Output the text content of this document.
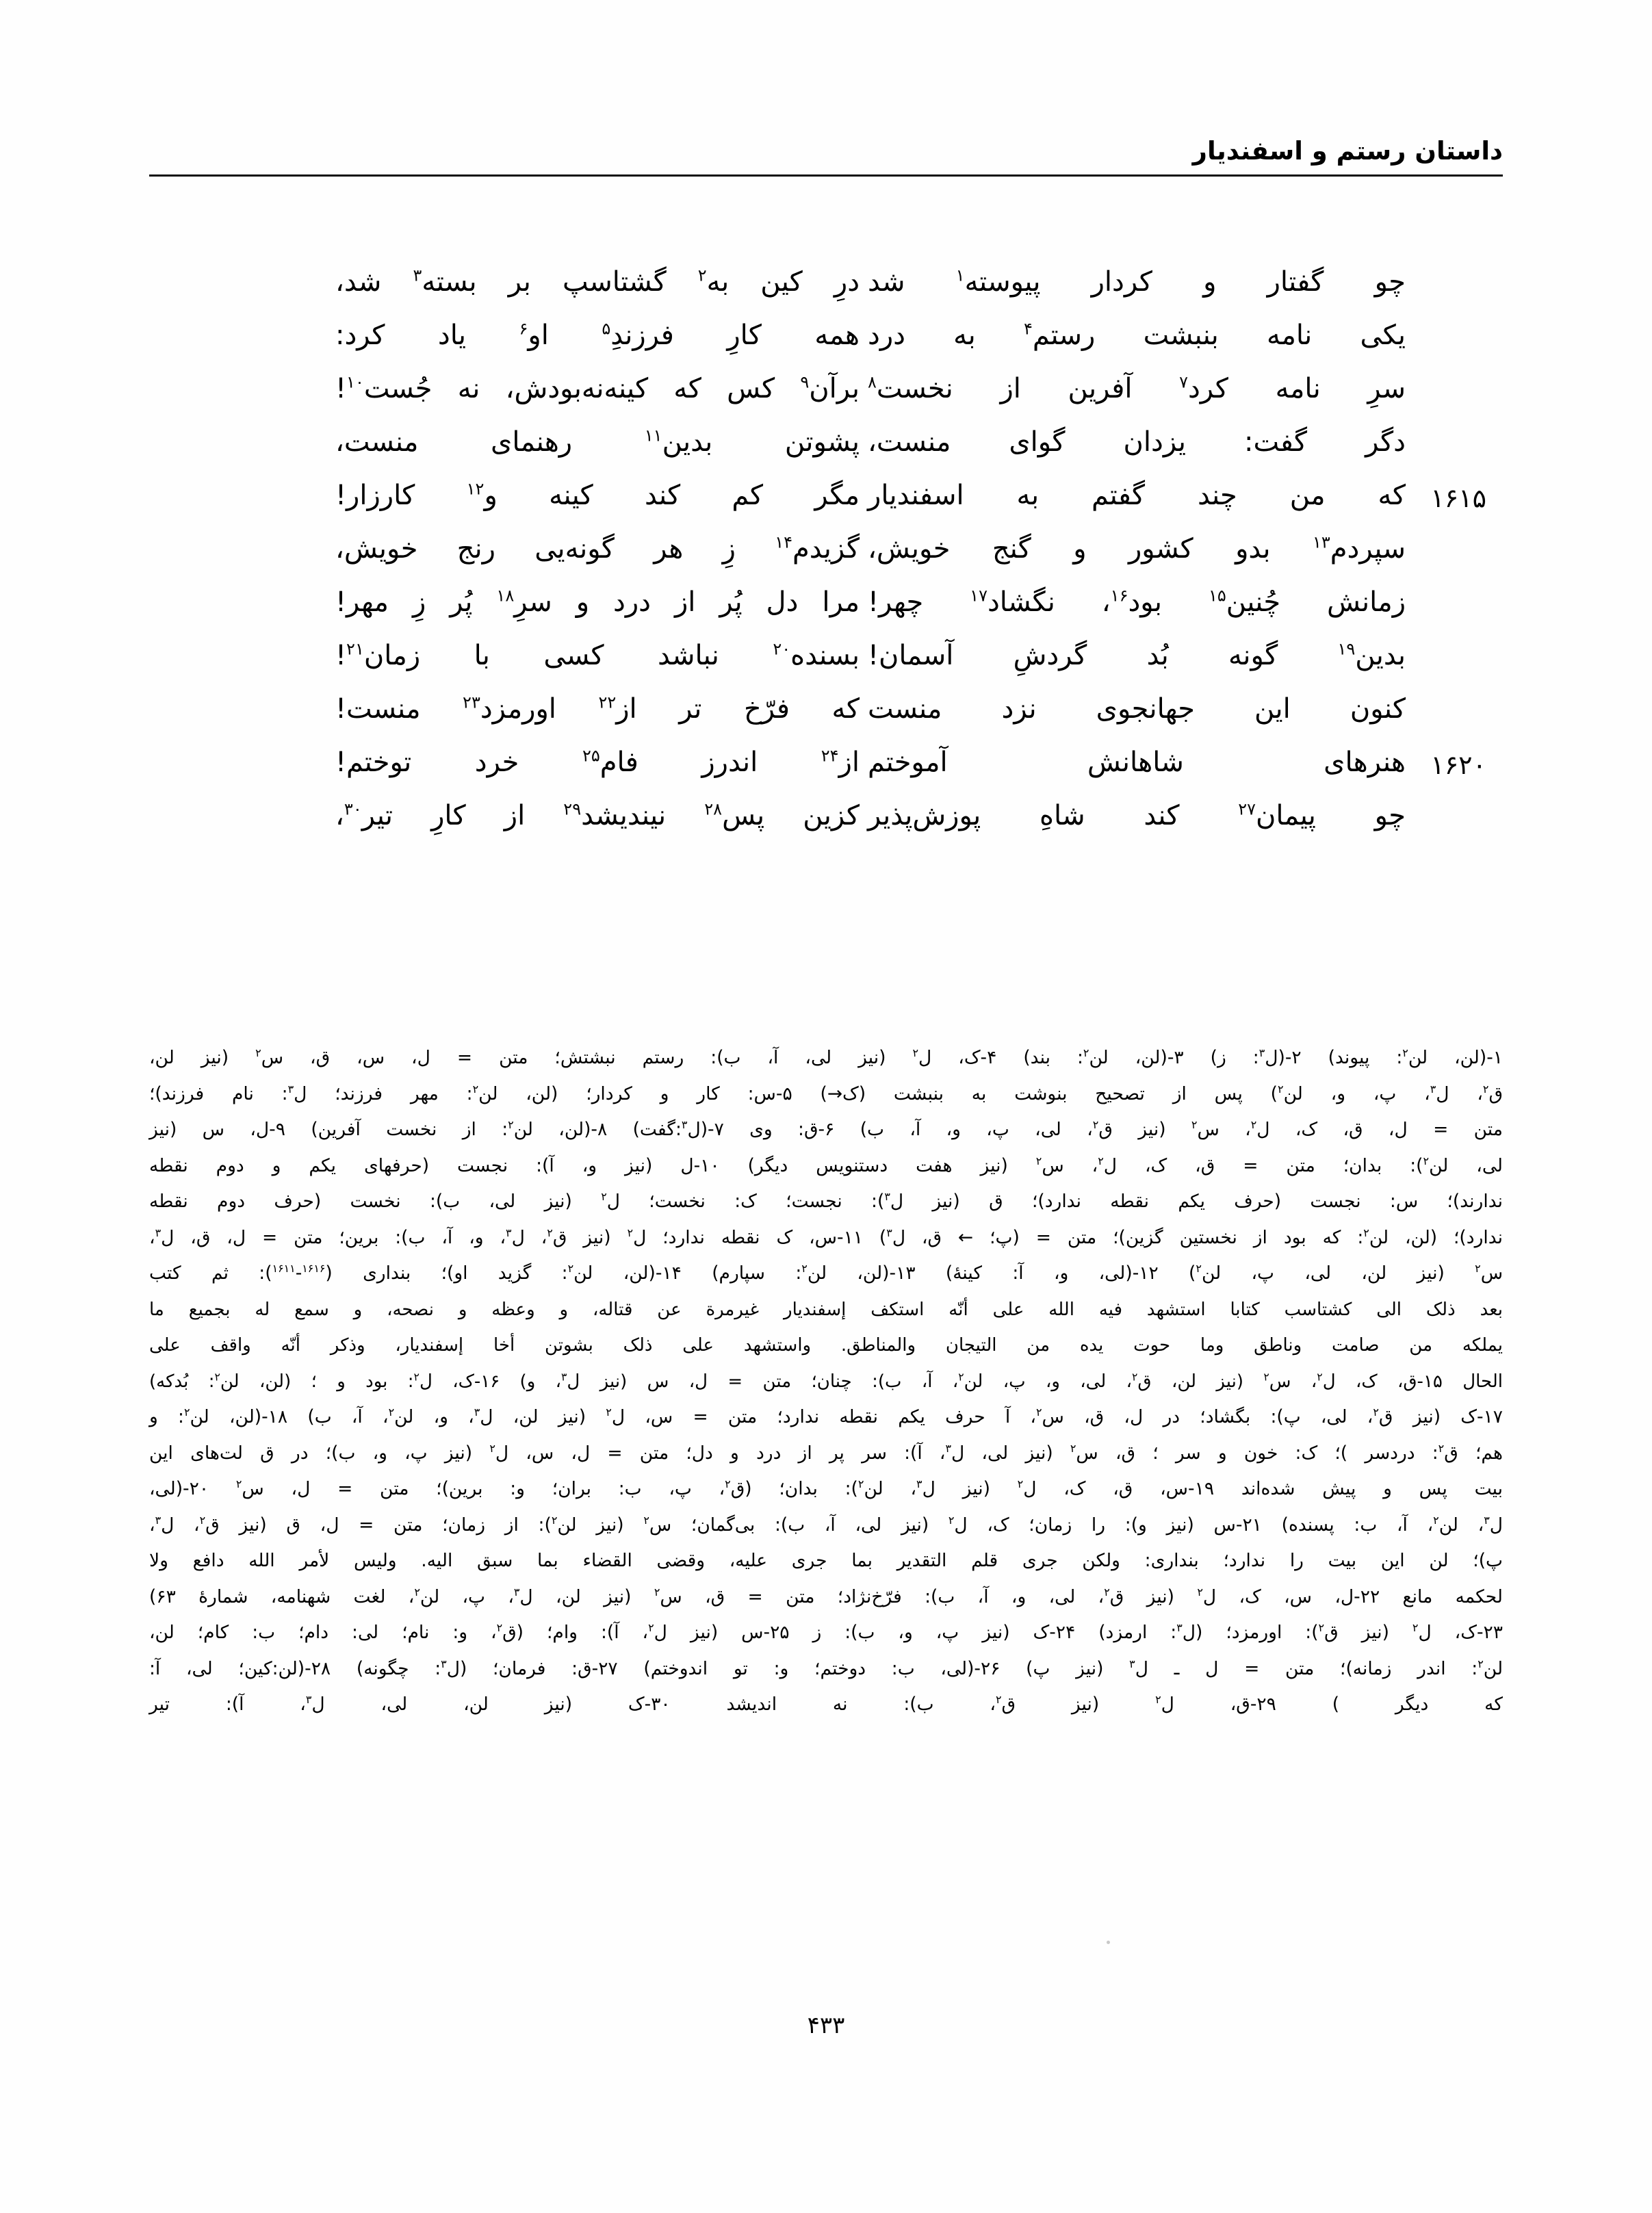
داستان رستم و اسفندیار
چو گفتار و کردار پیوسته$^۱$ شد
درِ کین به$^۲$ گشتاسپ بر بسته$^۳$ شد،
یکی نامه بنبشت رستم$^۴$ به درد
همه کارِ فرزندِ$^۵$ او$^۶$ یاد کرد:
سرِ نامه کرد$^۷$ آفرین از نخست$^۸$
برآن$^۹$ کس که کینه‌نه‌بودش، نه جُست$^{۱۰}$!
دگر گفت: یزدان گوای منست،
پشوتن بدین$^{۱۱}$ رهنمای منست،
۱۶۱۵
که من چند گفتم به اسفندیار
مگر کم کند کینه و$^{۱۲}$ کارزار!
سپردم$^{۱۳}$ بدو کشور و گنج خویش،
گزیدم$^{۱۴}$ زِ هر گونه‌یی رنج خویش،
زمانش چُنین$^{۱۵}$ بود$^{۱۶}$، نگشاد$^{۱۷}$ چهر!
مرا دل پُر از درد و سرِ$^{۱۸}$ پُر زِ مهر!
بدین$^{۱۹}$ گونه بُد گردشِ آسمان!
بسنده$^{۲۰}$ نباشد کسی با زمان$^{۲۱}$!
کنون این جهانجوی نزد منست
که فرّخ تر از$^{۲۲}$ اورمزد$^{۲۳}$ منست!
۱۶۲۰
هنرهای شاهانش آموختم
از$^{۲۴}$ اندرز فام$^{۲۵}$ خرد توختم!
چو پیمان$^{۲۷}$ کند شاهِ پوزش‌پذیر
کزین پس$^{۲۸}$ نیندیشد$^{۲۹}$ از کارِ تیر$^{۳۰}$،
۱-(لن، لن$^۲$: پیوند) ۲-(ل$^۳$: ز) ۳-(لن، لن$^۲$: بند) ۴-ک، ل$^۲$ (نیز لی، آ، ب): رستم نبشتش؛ متن = ل، س، ق، س$^۲$ (نیز لن،
ق$^۲$، ل$^۳$، پ، و، لن$^۲$) پس از تصحیح بنوشت به بنبشت (ک→) ۵-س: کار و کردار؛ (لن، لن$^۲$: مهر فرزند؛ ل$^۳$: نام فرزند)؛
متن = ل، ق، ک، ل$^۲$، س$^۲$ (نیز ق$^۲$، لی، پ، و، آ، ب) ۶-ق: وی ۷-(ل$^۳$:گفت) ۸-(لن، لن$^۲$: از نخست آفرین) ۹-ل، س (نیز
لی، لن$^۲$): بدان؛ متن = ق، ک، ل$^۲$، س$^۲$ (نیز هفت دستنویس دیگر) ۱۰-ل (نیز و، آ): نجست (حرفهای یکم و دوم نقطه
ندارند)؛ س: نجست (حرف یکم نقطه ندارد)؛ ق (نیز ل$^۳$): نجست؛ ک: نخست؛ ل$^۲$ (نیز لی، ب): نخست (حرف دوم نقطه
ندارد)؛ (لن، لن$^۲$: که بود از نخستین گزین)؛ متن = (پ؛ ← ق، ل$^۳$) ۱۱-س، ک نقطه ندارد؛ ل$^۲$ (نیز ق$^۲$، ل$^۳$، و، آ، ب): برین؛ متن = ل، ق، ل$^۳$،
س$^۲$ (نیز لن، لی، پ، لن$^۲$) ۱۲-(لی، و، آ: کینهٔ) ۱۳-(لن، لن$^۲$: سپارم) ۱۴-(لن، لن$^۲$: گزید او)؛ بنداری ($^{۱۶۱۶}$-$^{۱۶۱۱}$): ثم کتب
بعد ذلک الی کشتاسب کتابا استشهد فیه الله علی أنّه استکف إسفندیار غیرمرة عن قتاله، و وعظه و نصحه، و سمع له بجمیع ما
یملکه من صامت وناطق وما حوت یده من التیجان والمناطق. واستشهد علی ذلک بشوتن أخا إسفندیار، وذکر أنّه واقف علی
الحال ۱۵-ق، ک، ل$^۲$، س$^۲$ (نیز لن، ق$^۲$، لی، و، پ، لن$^۲$، آ، ب): چنان؛ متن = ل، س (نیز ل$^۳$، و) ۱۶-ک، ل$^۲$: بود و ؛ (لن، لن$^۲$: بُدکه)
۱۷-ک (نیز ق$^۲$، لی، پ): بگشاد؛ در ل، ق، س$^۲$، آ حرف یکم نقطه ندارد؛ متن = س، ل$^۲$ (نیز لن، ل$^۳$، و، لن$^۲$، آ، ب) ۱۸-(لن، لن$^۲$: و
هم؛ ق$^۲$: دردسر )؛ ک: خون و سر ؛ ق، س$^۲$ (نیز لی، ل$^۳$، آ): سر پر از درد و دل؛ متن = ل، س، ل$^۲$ (نیز پ، و، ب)؛ در ق لت‌های این
بیت پس و پیش شده‌اند ۱۹-س، ق، ک، ل$^۲$ (نیز ل$^۳$، لن$^۲$): بدان؛ (ق$^۲$، پ، ب: بران؛ و: برین)؛ متن = ل، س$^۲$ ۲۰-(لی،
ل$^۳$، لن$^۲$، آ، ب: پسنده) ۲۱-س (نیز و): را زمان؛ ک، ل$^۲$ (نیز لی، آ، ب): بی‌گمان؛ س$^۲$ (نیز لن$^۲$): از زمان؛ متن = ل، ق (نیز ق$^۲$، ل$^۳$،
پ)؛ لن این بیت را ندارد؛ بنداری: ولکن جری قلم التقدیر بما جری علیه، وقضی القضاء بما سبق الیه. ولیس لأمر الله دافع ولا
لحکمه مانع ۲۲-ل، س، ک، ل$^۲$ (نیز ق$^۲$، لی، و، آ، ب): فرّخ‌نژاد؛ متن = ق، س$^۲$ (نیز لن، ل$^۳$، پ، لن$^۲$، لغت شهنامه، شمارهٔ ۶۳)
۲۳-ک، ل$^۲$ (نیز ق$^۲$): اورمزد؛ (ل$^۳$: ارمزد) ۲۴-ک (نیز پ، و، ب): ز ۲۵-س (نیز ل$^۲$، آ): وام؛ (ق$^۲$، و: نام؛ لی: دام؛ ب: کام؛ لن،
لن$^۲$: اندر زمانه)؛ متن = ل ـ ل$^۳$ (نیز پ) ۲۶-(لی، ب: دوختم؛ و: تو اندوختم) ۲۷-ق: فرمان؛ (ل$^۳$: چگونه) ۲۸-(لن:کین؛ لی، آ:
که دیگر ) ۲۹-ق، ل$^۲$ (نیز ق$^۲$، ب): نه اندیشد ۳۰-ک (نیز لن، لی، ل$^۳$، آ): تیر
۴۳۳
